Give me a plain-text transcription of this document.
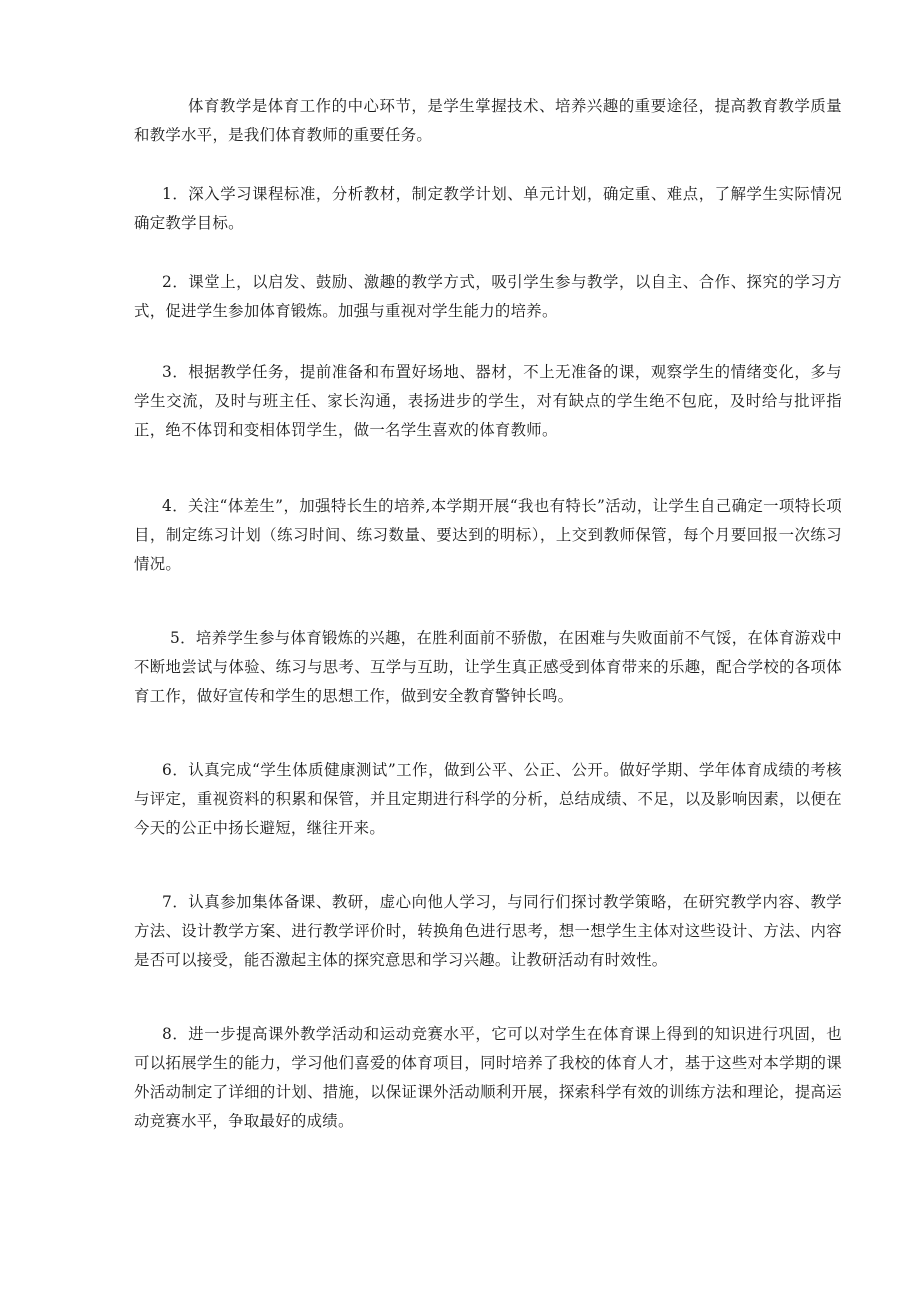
体育教学是体育工作的中心环节，是学生掌握技术、培养兴趣的重要途径，提高教育教学质量和教学水平，是我们体育教师的重要任务。

1．深入学习课程标准，分析教材，制定教学计划、单元计划，确定重、难点，了解学生实际情况确定教学目标。

2．课堂上，以启发、鼓励、激趣的教学方式，吸引学生参与教学，以自主、合作、探究的学习方式，促进学生参加体育锻炼。加强与重视对学生能力的培养。

3．根据教学任务，提前准备和布置好场地、器材，不上无准备的课，观察学生的情绪变化，多与学生交流，及时与班主任、家长沟通，表扬进步的学生，对有缺点的学生绝不包庇，及时给与批评指正，绝不体罚和变相体罚学生，做一名学生喜欢的体育教师。

4．关注“体差生”，加强特长生的培养,本学期开展“我也有特长”活动，让学生自己确定一项特长项目，制定练习计划（练习时间、练习数量、要达到的明标），上交到教师保管，每个月要回报一次练习情况。

5．培养学生参与体育锻炼的兴趣，在胜利面前不骄傲，在困难与失败面前不气馁，在体育游戏中不断地尝试与体验、练习与思考、互学与互助，让学生真正感受到体育带来的乐趣，配合学校的各项体育工作，做好宣传和学生的思想工作，做到安全教育警钟长鸣。

6．认真完成“学生体质健康测试”工作，做到公平、公正、公开。做好学期、学年体育成绩的考核与评定，重视资料的积累和保管，并且定期进行科学的分析，总结成绩、不足，以及影响因素，以便在今天的公正中扬长避短，继往开来。

7．认真参加集体备课、教研，虚心向他人学习，与同行们探讨教学策略，在研究教学内容、教学方法、设计教学方案、进行教学评价时，转换角色进行思考，想一想学生主体对这些设计、方法、内容是否可以接受，能否激起主体的探究意思和学习兴趣。让教研活动有时效性。

8．进一步提高课外教学活动和运动竞赛水平，它可以对学生在体育课上得到的知识进行巩固，也可以拓展学生的能力，学习他们喜爱的体育项目，同时培养了我校的体育人才，基于这些对本学期的课外活动制定了详细的计划、措施，以保证课外活动顺利开展，探索科学有效的训练方法和理论，提高运动竞赛水平，争取最好的成绩。
